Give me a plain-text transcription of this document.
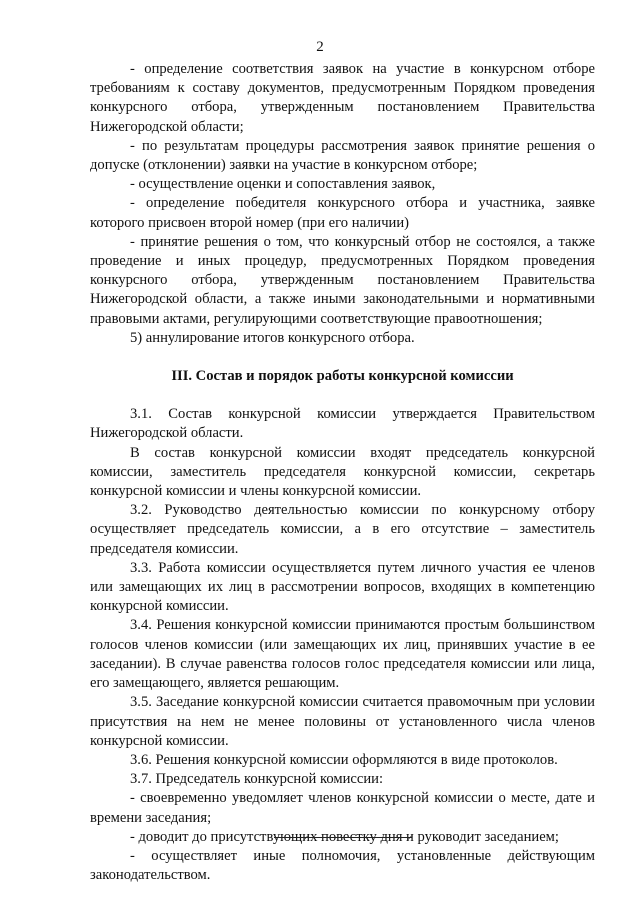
2

- определение соответствия заявок на участие в конкурсном отборе требованиям к составу документов, предусмотренным Порядком проведения конкурсного отбора, утвержденным постановлением Правительства Нижегородской области;

- по результатам процедуры рассмотрения заявок принятие решения о допуске (отклонении) заявки на участие в конкурсном отборе;

- осуществление оценки и сопоставления заявок,

- определение победителя конкурсного отбора и участника, заявке которого присвоен второй номер (при его наличии)

- принятие решения о том, что конкурсный отбор не состоялся, а также проведение и иных процедур, предусмотренных Порядком проведения конкурсного отбора, утвержденным постановлением Правительства Нижегородской области, а также иными законодательными и нормативными правовыми актами, регулирующими соответствующие правоотношения;

5) аннулирование итогов конкурсного отбора.

III. Состав и порядок работы конкурсной комиссии

3.1. Состав конкурсной комиссии утверждается Правительством Нижегородской области.

В состав конкурсной комиссии входят председатель конкурсной комиссии, заместитель председателя конкурсной комиссии, секретарь конкурсной комиссии и члены конкурсной комиссии.

3.2. Руководство деятельностью комиссии по конкурсному отбору осуществляет председатель комиссии, а в его отсутствие – заместитель председателя комиссии.

3.3. Работа комиссии осуществляется путем личного участия ее членов или замещающих их лиц в рассмотрении вопросов, входящих в компетенцию конкурсной комиссии.

3.4. Решения конкурсной комиссии принимаются простым большинством голосов членов комиссии (или замещающих их лиц, принявших участие в ее заседании). В случае равенства голосов голос председателя комиссии или лица, его замещающего, является решающим.

3.5. Заседание конкурсной комиссии считается правомочным при условии присутствия на нем не менее половины от установленного числа членов конкурсной комиссии.

3.6. Решения конкурсной комиссии оформляются в виде протоколов.

3.7. Председатель конкурсной комиссии:

- своевременно уведомляет членов конкурсной комиссии о месте, дате и времени заседания;

- доводит до присутствующих повестку дня и руководит заседанием;

- осуществляет иные полномочия, установленные действующим законодательством.
